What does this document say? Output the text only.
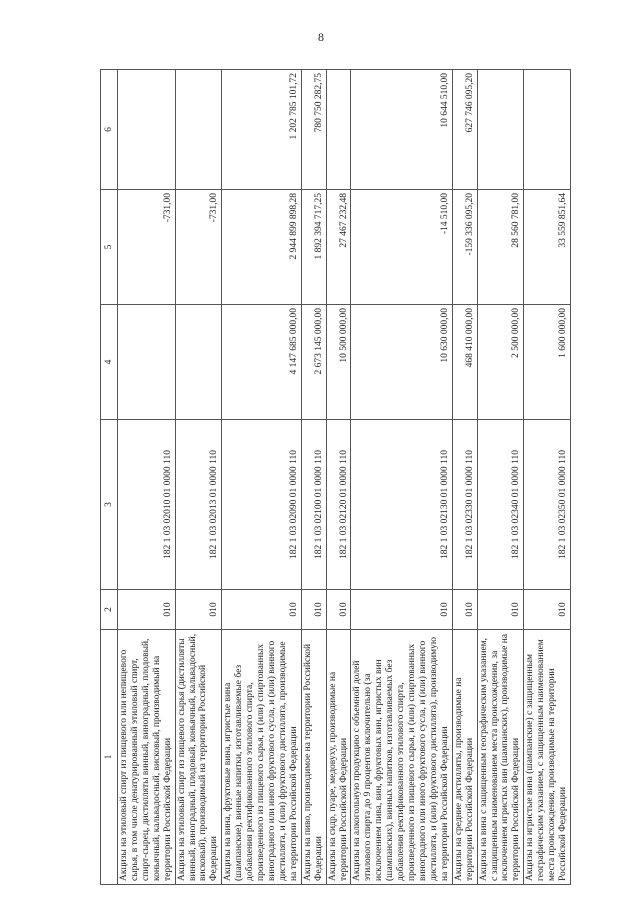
8
1	2	3	4	5	6
Акцизы на этиловый спирт из пищевого или непищевого сырья, в том числе денатурированный этиловый спирт, спирт-сырец, дистилляты винный, виноградный, плодовый, коньячный, кальвадосный, висковый, производимый на территории Российской Федерации	010	182 1 03 02010 01 0000 110		-731,00	
Акцизы на этиловый спирт из пищевого сырья (дистилляты винный, виноградный, плодовый, коньячный, кальвадосный, висковый), производимый на территории Российской Федерации	010	182 1 03 02013 01 0000 110		-731,00	
Акцизы на вина, фруктовые вина, игристые вина (шампанские), винные напитки, изготавливаемые без добавления ректификованного этилового спирта, произведенного из пищевого сырья, и (или) спиртованных виноградного или иного фруктового сусла, и (или) винного дистиллята, и (или) фруктового дистиллята, производимые на территории Российской Федерации	010	182 1 03 02090 01 0000 110	4 147 685 000,00	2 944 899 898,28	1 202 785 101,72
Акцизы на пиво, производимое на территории Российской Федерации	010	182 1 03 02100 01 0000 110	2 673 145 000,00	1 892 394 717,25	780 750 282,75
Акцизы на сидр, пуаре, медовуху, производимые на территории Российской Федерации	010	182 1 03 02120 01 0000 110	10 500 000,00	27 467 232,48	
Акцизы на алкогольную продукцию с объемной долей этилового спирта до 9 процентов включительно (за исключением пива, вин, фруктовых вин, игристых вин (шампанских), винных напитков, изготавливаемых без добавления ректификованного этилового спирта, произведенного из пищевого сырья, и (или) спиртованных виноградного или иного фруктового сусла, и (или) винного дистиллята, и (или) фруктового дистиллята), производимую на территории Российской Федерации	010	182 1 03 02130 01 0000 110	10 630 000,00	-14 510,00	10 644 510,00
Акцизы на средние дистилляты, производимые на территории Российской Федерации	010	182 1 03 02330 01 0000 110	468 410 000,00	-159 336 095,20	627 746 095,20
Акцизы на вина с защищенным географическим указанием, с защищенным наименованием места происхождения, за исключением игристых вин (шампанских), производимые на территории Российской Федерации	010	182 1 03 02340 01 0000 110	2 500 000,00	28 560 781,00	
Акцизы на игристые вина (шампанские) с защищенным географическим указанием, с защищенным наименованием места происхождения, производимые на территории Российской Федерации	010	182 1 03 02350 01 0000 110	1 600 000,00	33 559 851,64	
